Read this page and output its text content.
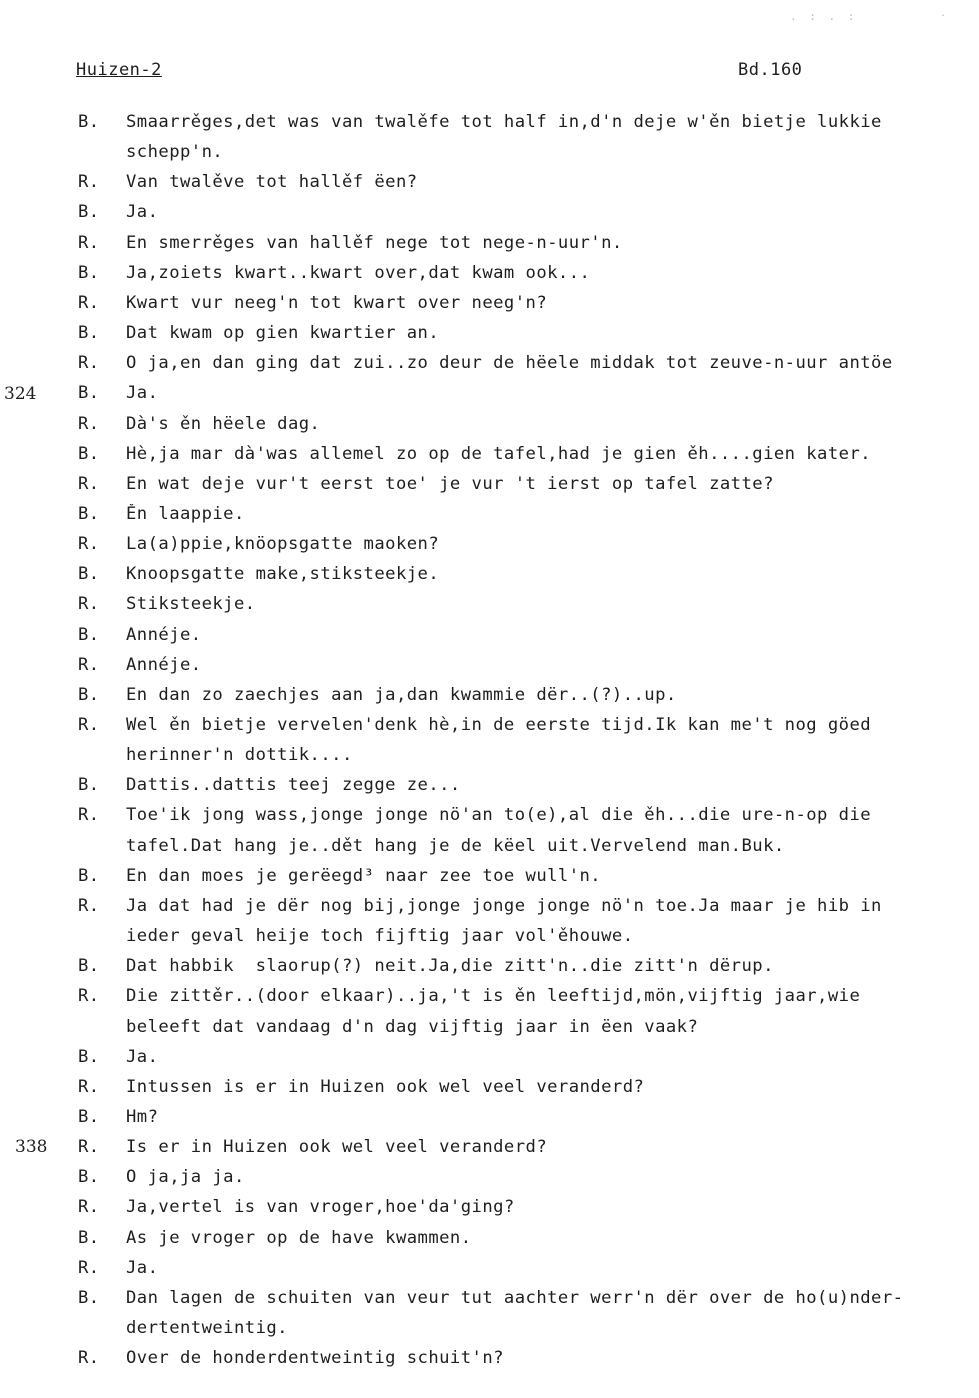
. : . :	.
Huizen-2	Bd.160
324
338
B. Smaarrěges,det was van twalěfe tot half in,d'n deje w'ěn bietje lukkie
schepp'n.
R. Van twalěve tot hallěf ëen?
B. Ja.
R. En smerrěges van hallěf nege tot nege-n-uur'n.
B. Ja,zoiets kwart..kwart over,dat kwam ook...
R. Kwart vur neeg'n tot kwart over neeg'n?
B. Dat kwam op gien kwartier an.
R. O ja,en dan ging dat zui..zo deur de hëele middak tot zeuve-n-uur antöe
B. Ja.
R. Dà's ěn hëele dag.
B. Hè,ja mar dà'was allemel zo op de tafel,had je gien ěh....gien kater.
R. En wat deje vur't eerst toe' je vur 't ierst op tafel zatte?
B. Ěn laappie.
R. La(a)ppie,knöopsgatte maoken?
B. Knoopsgatte make,stiksteekje.
R. Stiksteekje.
B. Annéje.
R. Annéje.
B. En dan zo zaechjes aan ja,dan kwammie dër..(?)..up.
R. Wel ěn bietje vervelen'denk hè,in de eerste tijd.Ik kan me't nog göed
herinner'n dottik....
B. Dattis..dattis teej zegge ze...
R. Toe'ik jong wass,jonge jonge nö'an to(e),al die ěh...die ure-n-op die
tafel.Dat hang je..dět hang je de këel uit.Vervelend man.Buk.
B. En dan moes je gerëegd³ naar zee toe wull'n.
R. Ja dat had je dër nog bij,jonge jonge jonge nö'n toe.Ja maar je hib in
ieder geval heije toch fijftig jaar vol'ěhouwe.
B. Dat habbik  slaorup(?) neit.Ja,die zitt'n..die zitt'n dërup.
R. Die zittěr..(door elkaar)..ja,'t is ěn leeftijd,mön,vijftig jaar,wie
beleeft dat vandaag d'n dag vijftig jaar in ëen vaak?
B. Ja.
R. Intussen is er in Huizen ook wel veel veranderd?
B. Hm?
R. Is er in Huizen ook wel veel veranderd?
B. O ja,ja ja.
R. Ja,vertel is van vroger,hoe'da'ging?
B. As je vroger op de have kwammen.
R. Ja.
B. Dan lagen de schuiten van veur tut aachter werr'n dër over de ho(u)nder-
dertentweintig.
R. Over de honderdentweintig schuit'n?
